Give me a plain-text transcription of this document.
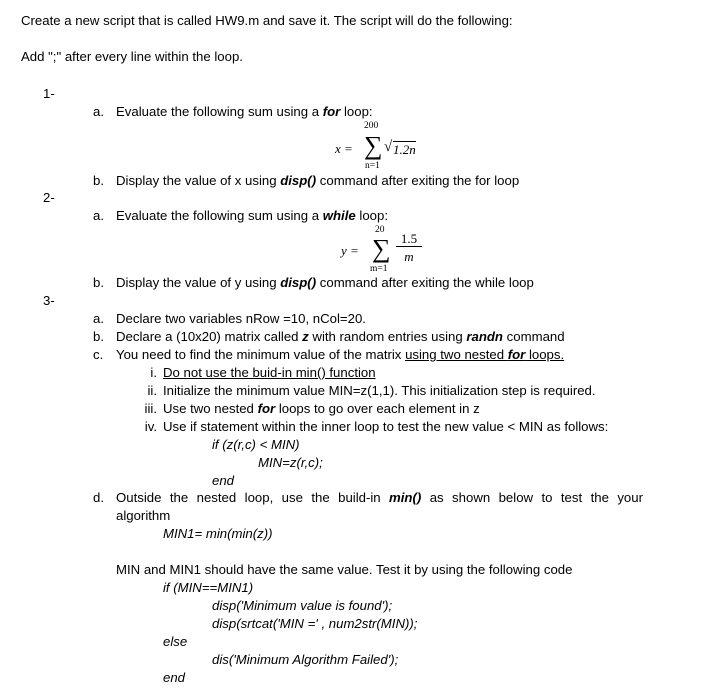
Create a new script that is called HW9.m and save it. The script will do the following:
Add ";" after every line within the loop.
1-
a. Evaluate the following sum using a for loop:
x =
200
∑
n=1
√ 1.2n
b. Display the value of x using disp() command after exiting the for loop
2-
a. Evaluate the following sum using a while loop:
y =
20
∑
m=1
1.5
m
b. Display the value of y using disp() command after exiting the while loop
3-
a. Declare two variables nRow =10, nCol=20.
b. Declare a (10x20) matrix called z with random entries using randn command
c. You need to find the minimum value of the matrix using two nested for loops.
i. Do not use the buid-in min() function
ii. Initialize the minimum value MIN=z(1,1). This initialization step is required.
iii. Use two nested for loops to go over each element in z
iv. Use if statement within the inner loop to test the new value < MIN as follows:
if (z(r,c) < MIN)
MIN=z(r,c);
end
d. Outside the nested loop, use the build-in min() as shown below to test the your
algorithm
MIN1= min(min(z))
MIN and MIN1 should have the same value. Test it by using the following code
if (MIN==MIN1)
disp('Minimum value is found');
disp(srtcat('MIN =' , num2str(MIN));
else
dis('Minimum Algorithm Failed');
end
